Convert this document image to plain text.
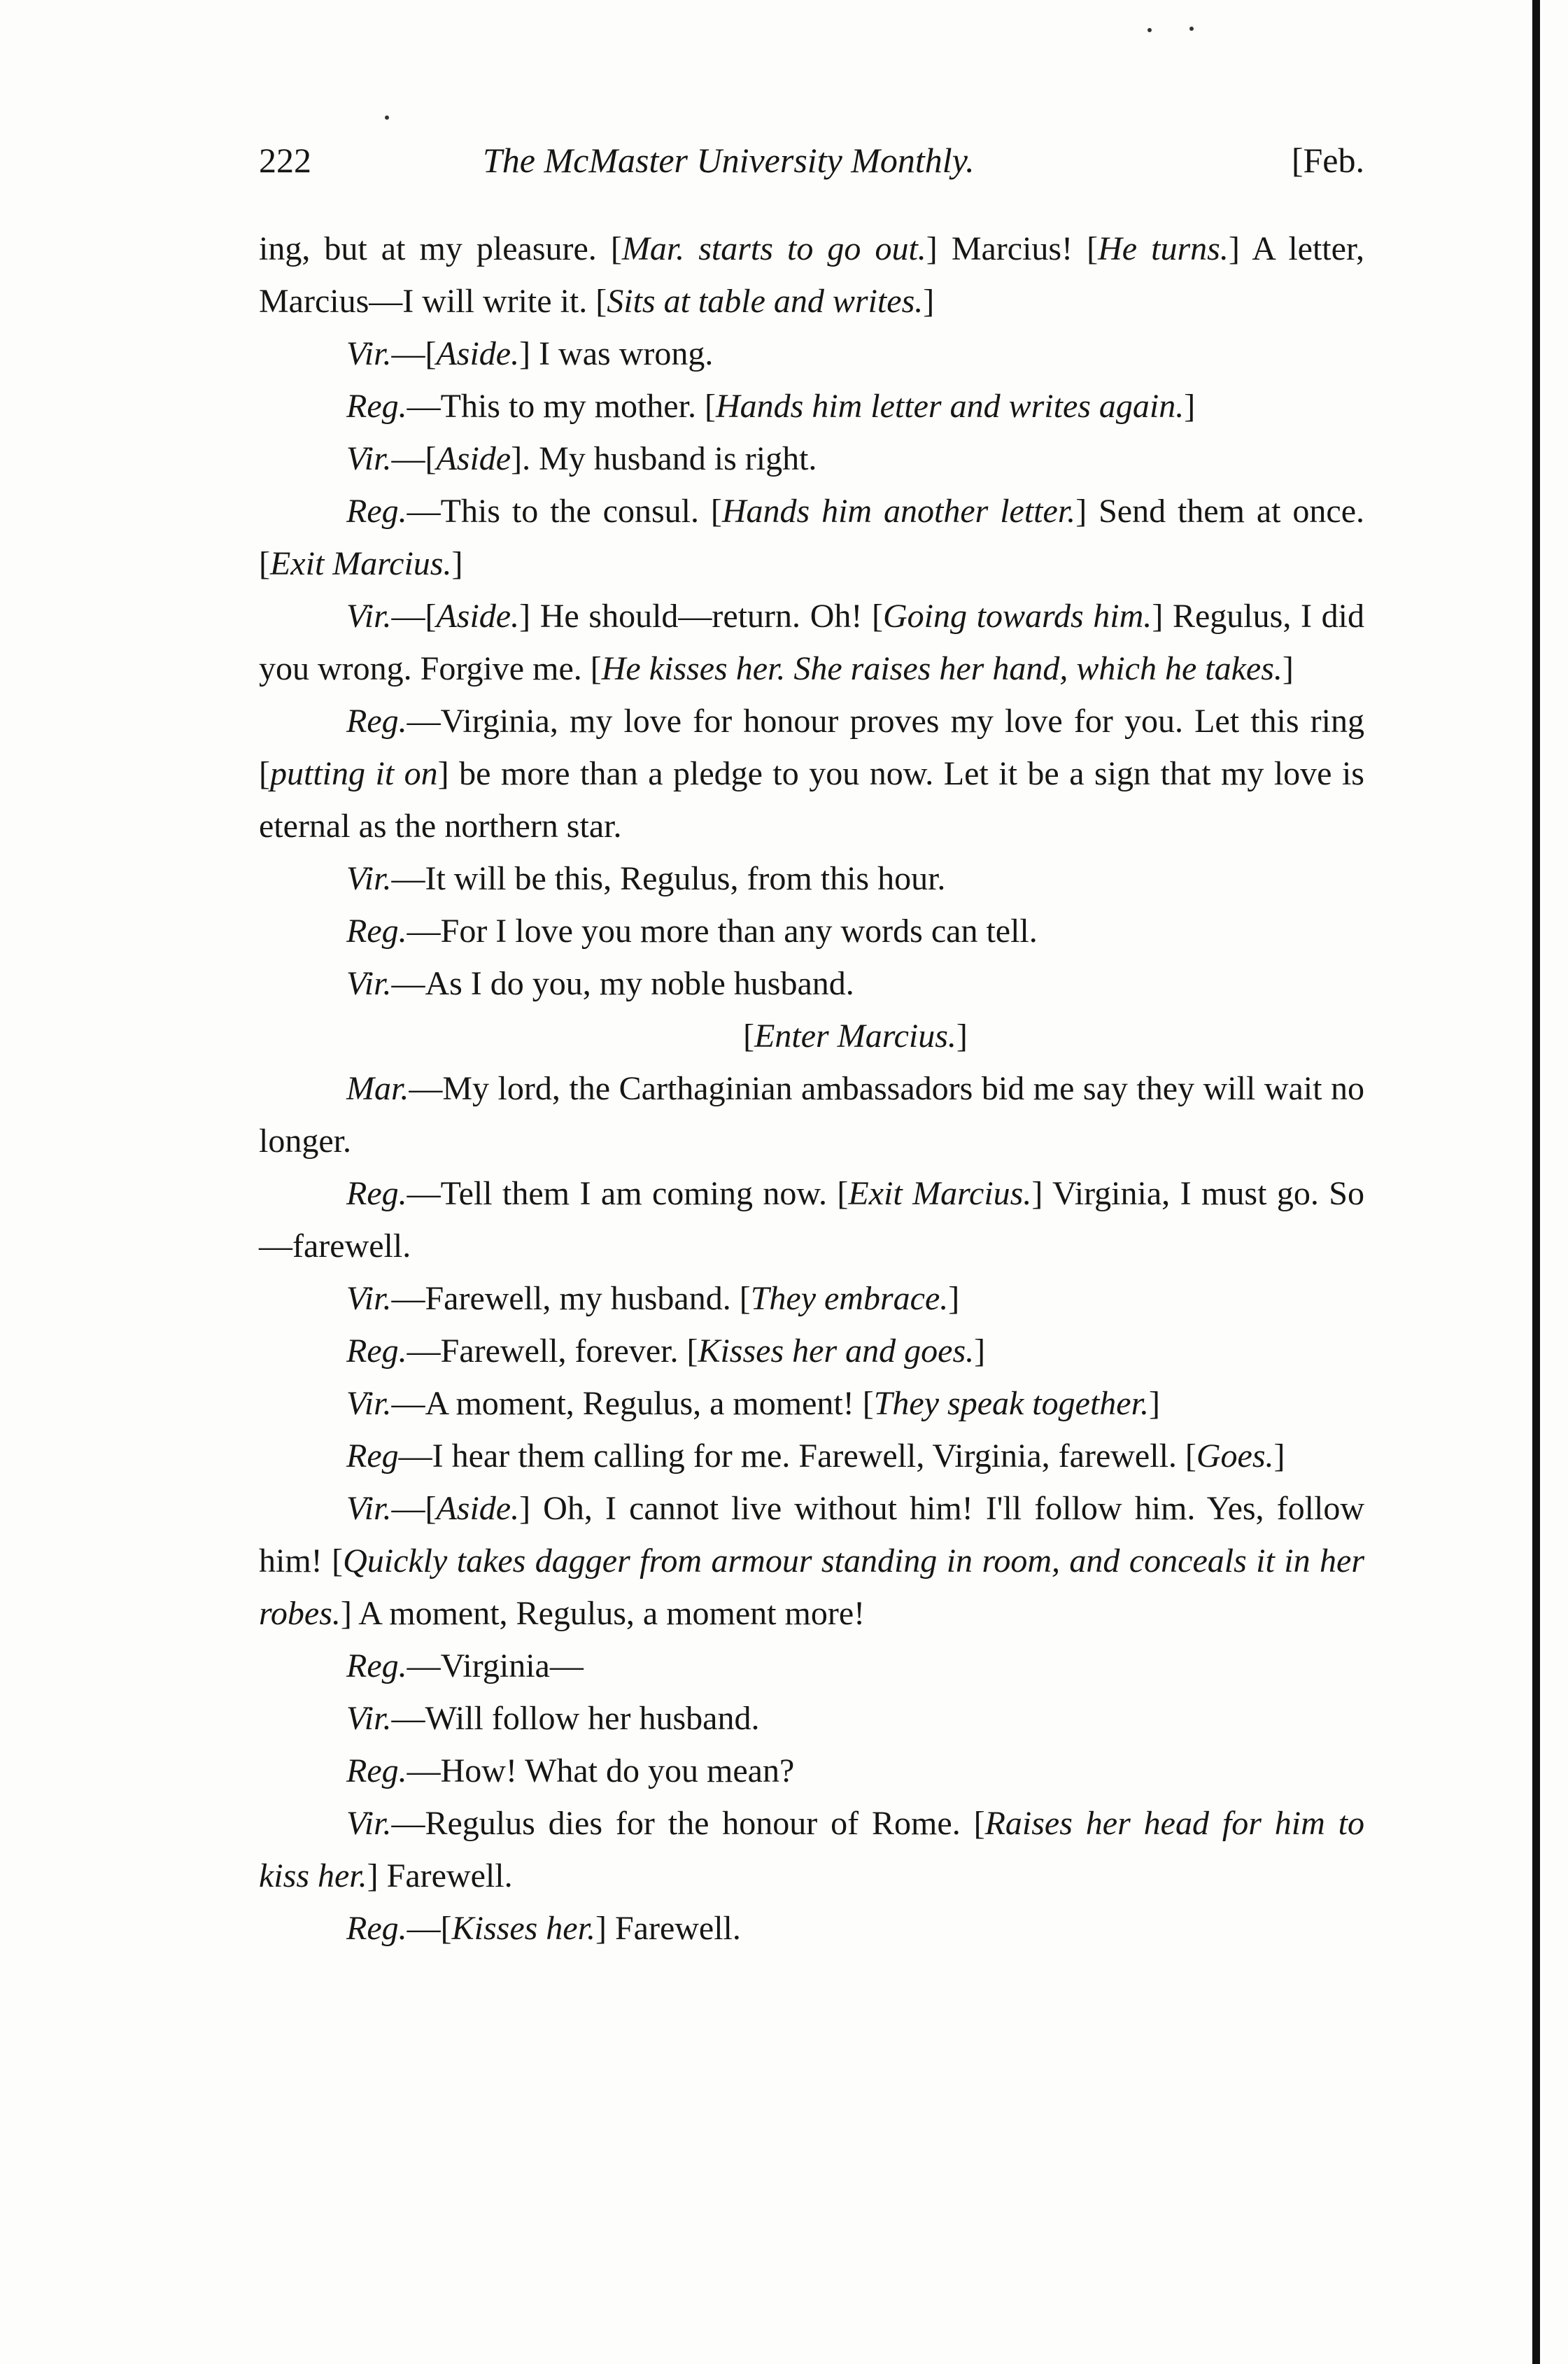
222	The McMaster University Monthly.	[Feb.

ing, but at my pleasure. [Mar. starts to go out.] Marcius! [He turns.] A letter, Marcius—I will write it. [Sits at table and writes.]

Vir.—[Aside.] I was wrong.

Reg.—This to my mother. [Hands him letter and writes again.]

Vir.—[Aside]. My husband is right.

Reg.—This to the consul. [Hands him another letter.] Send them at once. [Exit Marcius.]

Vir.—[Aside.] He should—return. Oh! [Going towards him.] Regulus, I did you wrong. Forgive me. [He kisses her. She raises her hand, which he takes.]

Reg.—Virginia, my love for honour proves my love for you. Let this ring [putting it on] be more than a pledge to you now. Let it be a sign that my love is eternal as the northern star.

Vir.—It will be this, Regulus, from this hour.

Reg.—For I love you more than any words can tell.

Vir.—As I do you, my noble husband.

[Enter Marcius.]

Mar.—My lord, the Carthaginian ambassadors bid me say they will wait no longer.

Reg.—Tell them I am coming now. [Exit Marcius.] Virginia, I must go. So—farewell.

Vir.—Farewell, my husband. [They embrace.]

Reg.—Farewell, forever. [Kisses her and goes.]

Vir.—A moment, Regulus, a moment! [They speak together.]

Reg—I hear them calling for me. Farewell, Virginia, farewell. [Goes.]

Vir.—[Aside.] Oh, I cannot live without him! I'll follow him. Yes, follow him! [Quickly takes dagger from armour standing in room, and conceals it in her robes.] A moment, Regulus, a moment more!

Reg.—Virginia—

Vir.—Will follow her husband.

Reg.—How! What do you mean?

Vir.—Regulus dies for the honour of Rome. [Raises her head for him to kiss her.] Farewell.

Reg.—[Kisses her.] Farewell.
